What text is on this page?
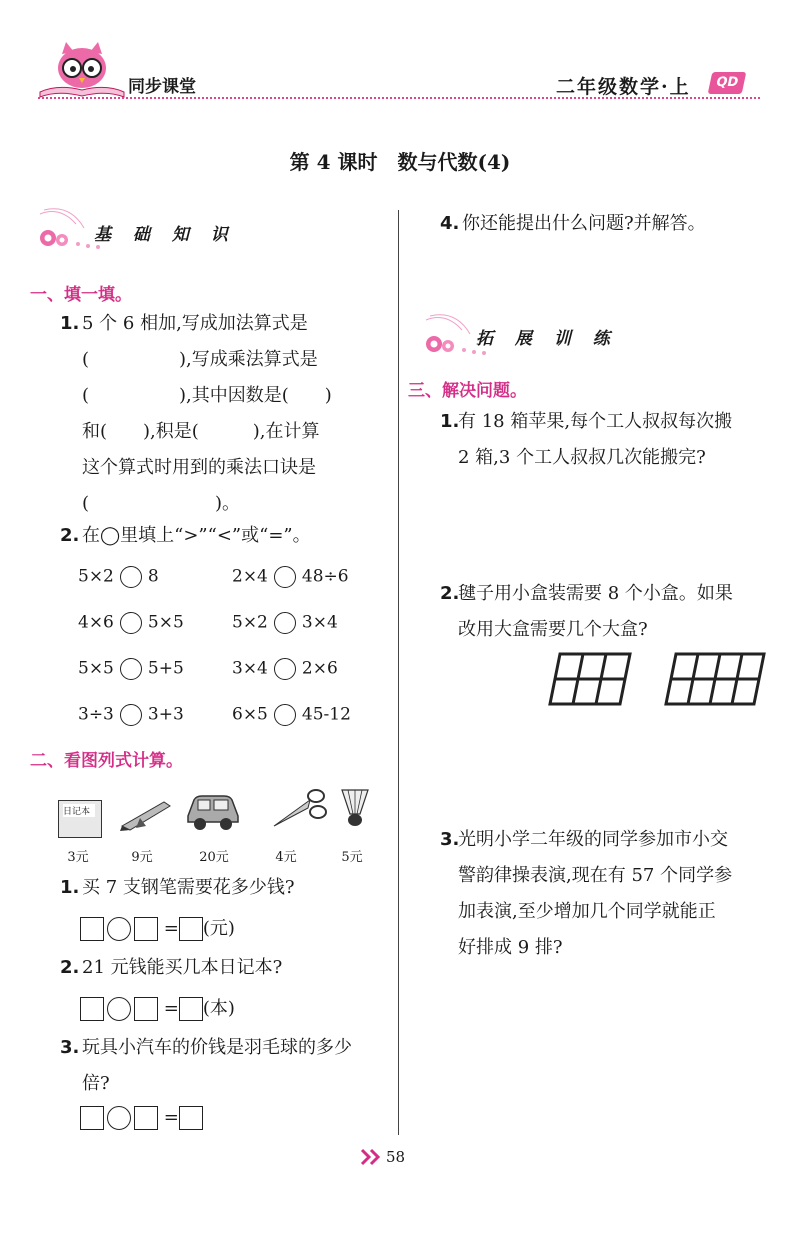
同步课堂	二年级数学·上	QD
第 4 课时 数与代数(4)
基 础 知 识
一、填一填。
1. 5 个 6 相加,写成加法算式是
(　　　　　),写成乘法算式是
(　　　　　),其中因数是(　　)
和(　　),积是(　　　),在计算
这个算式时用到的乘法口诀是
(　　　　　　　)。
2. 在◯里填上“>”“<”或“=”。
5×2 8	2×4 48÷6
4×6 5×5	5×2 3×4
5×5 5+5	3×4 2×6
3÷3 3+3	6×5 45-12
二、看图列式计算。
日记本
3元	9元	20元	4元	5元
1. 买 7 支钢笔需要花多少钱?
= (元)
2. 21 元钱能买几本日记本?
= (本)
3. 玩具小汽车的价钱是羽毛球的多少
倍?
=
4. 你还能提出什么问题?并解答。
拓 展 训 练
三、解决问题。
1.
有 18 箱苹果,每个工人叔叔每次搬
2 箱,3 个工人叔叔几次能搬完?
2.
毽子用小盒装需要 8 个小盒。如果
改用大盒需要几个大盒?
3.
光明小学二年级的同学参加市小交
警韵律操表演,现在有 57 个同学参
加表演,至少增加几个同学就能正
好排成 9 排?
58
